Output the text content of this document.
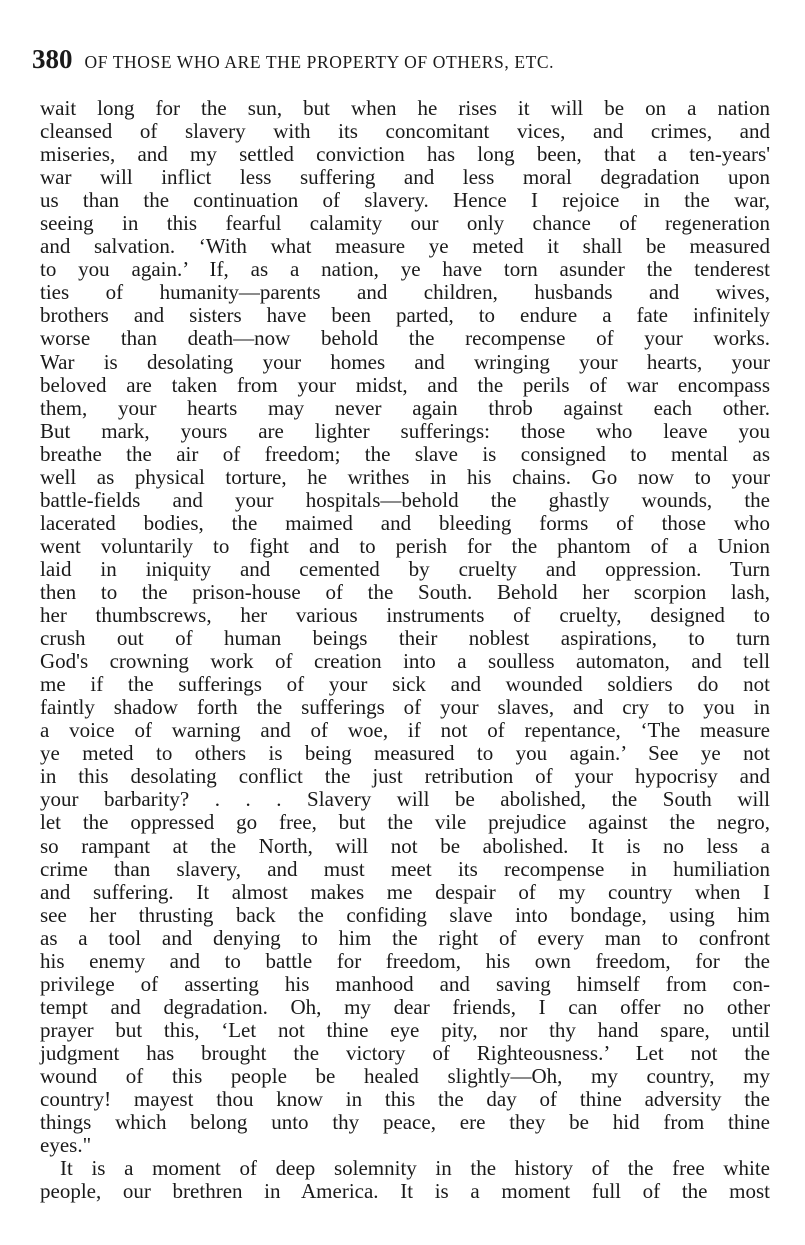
380 OF THOSE WHO ARE THE PROPERTY OF OTHERS, ETC.
wait long for the sun, but when he rises it will be on a nation
cleansed of slavery with its concomitant vices, and crimes, and
miseries, and my settled conviction has long been, that a ten-years'
war will inflict less suffering and less moral degradation upon
us than the continuation of slavery. Hence I rejoice in the war,
seeing in this fearful calamity our only chance of regeneration
and salvation. ‘With what measure ye meted it shall be measured
to you again.’ If, as a nation, ye have torn asunder the tenderest
ties of humanity—parents and children, husbands and wives,
brothers and sisters have been parted, to endure a fate infinitely
worse than death—now behold the recompense of your works.
War is desolating your homes and wringing your hearts, your
beloved are taken from your midst, and the perils of war encompass
them, your hearts may never again throb against each other.
But mark, yours are lighter sufferings: those who leave you
breathe the air of freedom; the slave is consigned to mental as
well as physical torture, he writhes in his chains. Go now to your
battle-fields and your hospitals—behold the ghastly wounds, the
lacerated bodies, the maimed and bleeding forms of those who
went voluntarily to fight and to perish for the phantom of a Union
laid in iniquity and cemented by cruelty and oppression. Turn
then to the prison-house of the South. Behold her scorpion lash,
her thumbscrews, her various instruments of cruelty, designed to
crush out of human beings their noblest aspirations, to turn
God's crowning work of creation into a soulless automaton, and tell
me if the sufferings of your sick and wounded soldiers do not
faintly shadow forth the sufferings of your slaves, and cry to you in
a voice of warning and of woe, if not of repentance, ‘The measure
ye meted to others is being measured to you again.’ See ye not
in this desolating conflict the just retribution of your hypocrisy and
your barbarity? . . . Slavery will be abolished, the South will
let the oppressed go free, but the vile prejudice against the negro,
so rampant at the North, will not be abolished. It is no less a
crime than slavery, and must meet its recompense in humiliation
and suffering. It almost makes me despair of my country when I
see her thrusting back the confiding slave into bondage, using him
as a tool and denying to him the right of every man to confront
his enemy and to battle for freedom, his own freedom, for the
privilege of asserting his manhood and saving himself from con-
tempt and degradation. Oh, my dear friends, I can offer no other
prayer but this, ‘Let not thine eye pity, nor thy hand spare, until
judgment has brought the victory of Righteousness.’ Let not the
wound of this people be healed slightly—Oh, my country, my
country! mayest thou know in this the day of thine adversity the
things which belong unto thy peace, ere they be hid from thine
eyes."
It is a moment of deep solemnity in the history of the free white
people, our brethren in America. It is a moment full of the most
